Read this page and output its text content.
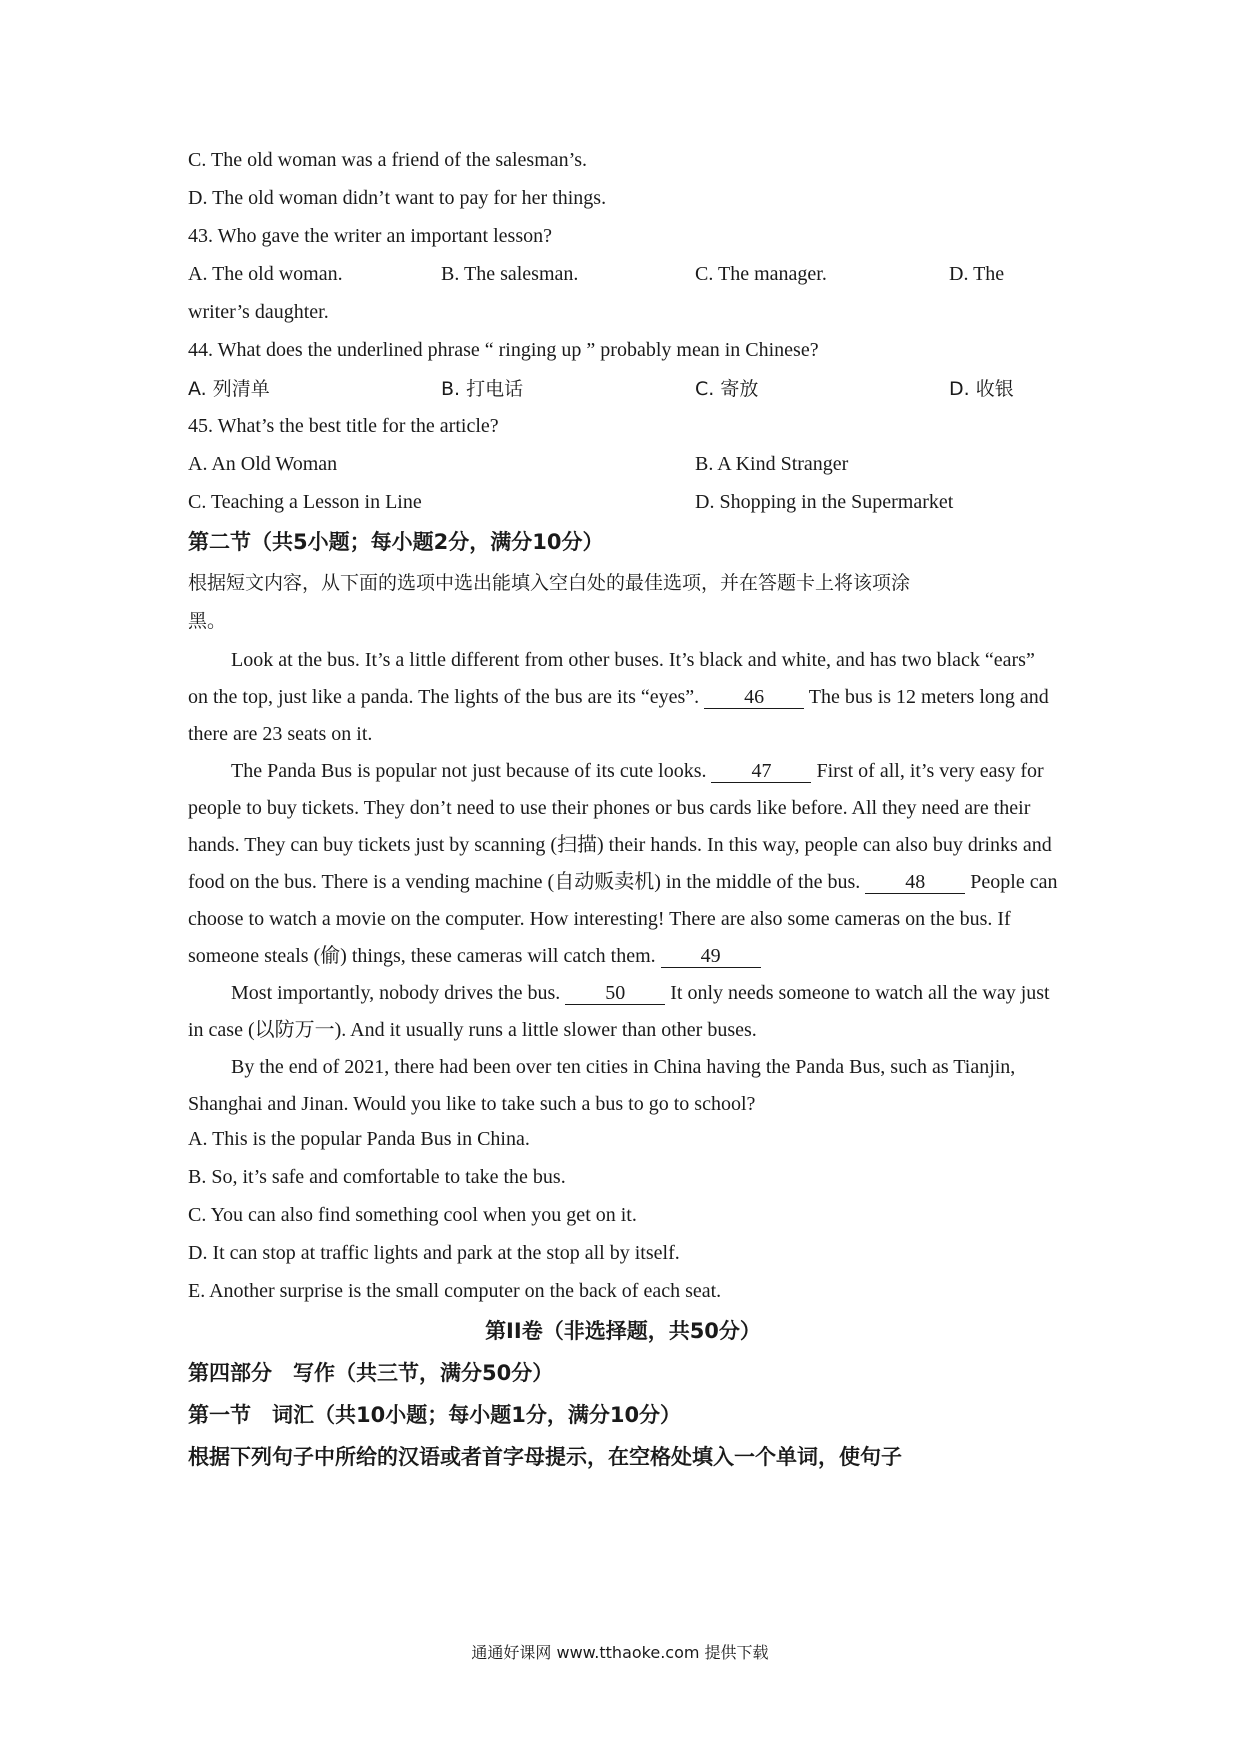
C. The old woman was a friend of the salesman’s.
D. The old woman didn’t want to pay for her things.
43. Who gave the writer an important lesson?
A. The old woman.	B. The salesman.	C. The manager.	D. The
writer’s daughter.
44. What does the underlined phrase “ ringing up ” probably mean in Chinese?
A. 列清单	B. 打电话	C. 寄放	D. 收银
45. What’s the best title for the article?
A. An Old Woman	B. A Kind Stranger
C. Teaching a Lesson in Line	D. Shopping in the Supermarket
第二节（共5小题；每小题2分，满分10分）
根据短文内容，从下面的选项中选出能填入空白处的最佳选项，并在答题卡上将该项涂
黑。

Look at the bus. It’s a little different from other buses. It’s black and white, and has two black “ears” on the top, just like a panda. The lights of the bus are its “eyes”. 46 The bus is 12 meters long and there are 23 seats on it.

The Panda Bus is popular not just because of its cute looks. 47 First of all, it’s very easy for people to buy tickets. They don’t need to use their phones or bus cards like before. All they need are their hands. They can buy tickets just by scanning (扫描) their hands. In this way, people can also buy drinks and food on the bus. There is a vending machine (自动贩卖机) in the middle of the bus. 48 People can choose to watch a movie on the computer. How interesting! There are also some cameras on the bus. If someone steals (偷) things, these cameras will catch them. 49

Most importantly, nobody drives the bus. 50 It only needs someone to watch all the way just in case (以防万一). And it usually runs a little slower than other buses.

By the end of 2021, there had been over ten cities in China having the Panda Bus, such as Tianjin, Shanghai and Jinan. Would you like to take such a bus to go to school?

A. This is the popular Panda Bus in China.
B. So, it’s safe and comfortable to take the bus.
C. You can also find something cool when you get on it.
D. It can stop at traffic lights and park at the stop all by itself.
E. Another surprise is the small computer on the back of each seat.
第II卷（非选择题，共50分）
第四部分　写作（共三节，满分50分）
第一节　词汇（共10小题；每小题1分，满分10分）
根据下列句子中所给的汉语或者首字母提示，在空格处填入一个单词，使句子
通通好课网 www.tthaoke.com 提供下载
